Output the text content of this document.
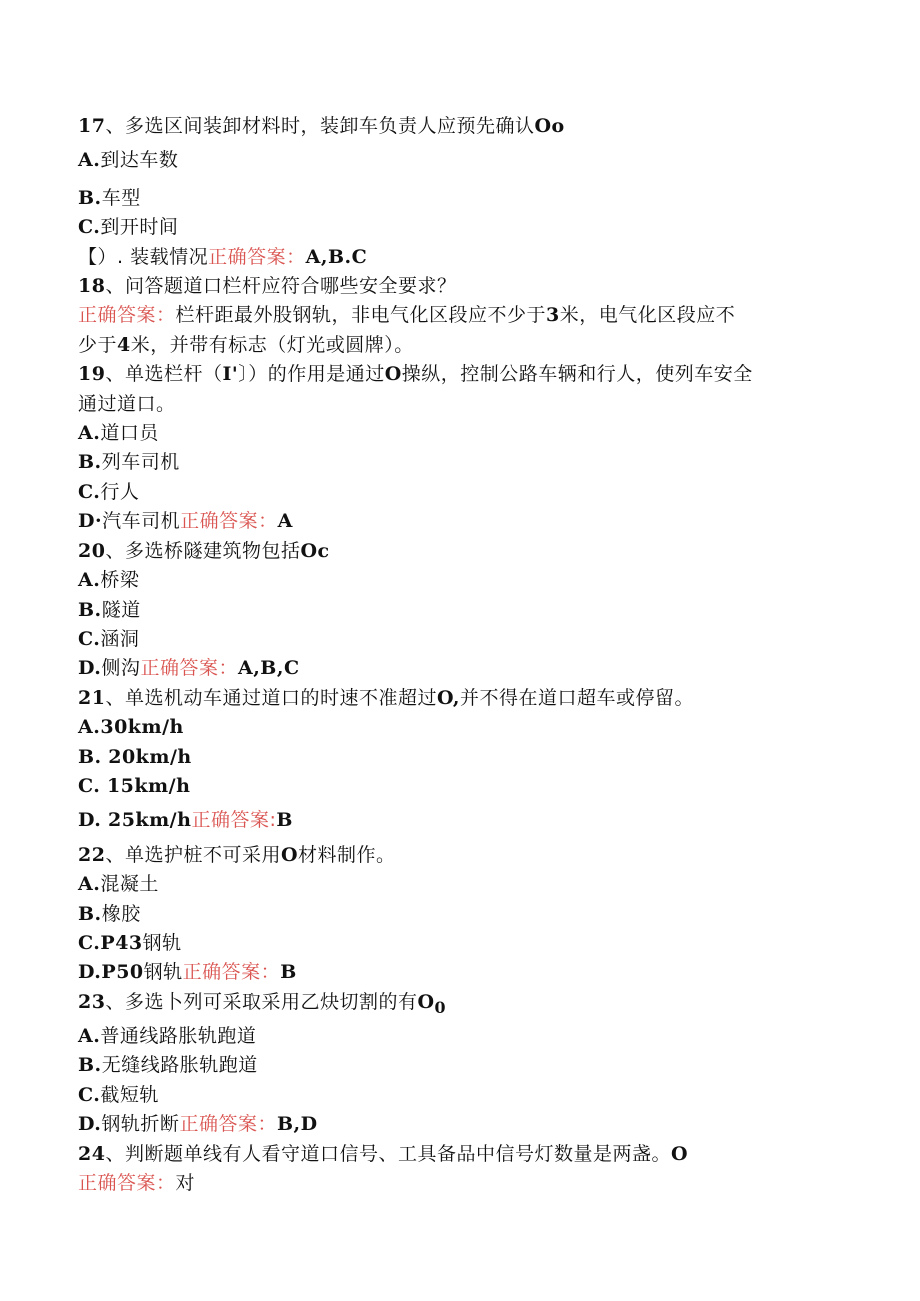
17、多选区间装卸材料时，装卸车负责人应预先确认Oo
A.到达车数
B.车型
C.到开时间
【）. 装载情况正确答案：A,B.C
18、问答题道口栏杆应符合哪些安全要求？
正确答案：栏杆距最外股钢轨，非电气化区段应不少于3米，电气化区段应不
少于4米，并带有标志（灯光或圆牌）。
19、单选栏杆（I'〕）的作用是通过O操纵，控制公路车辆和行人，使列车安全
通过道口。
A.道口员
B.列车司机
C.行人
D·汽车司机正确答案：A
20、多选桥隧建筑物包括Oc
A.桥梁
B.隧道
C.涵洞
D.侧沟正确答案：A,B,C
21、单选机动车通过道口的时速不准超过O,并不得在道口超车或停留。
A.30km/h
B. 20km/h
C. 15km/h
D. 25km/h正确答案:B
22、单选护桩不可采用O材料制作。
A.混凝土
B.橡胶
C.P43钢轨
D.P50钢轨正确答案：B
23、多选卜列可采取采用乙炔切割的有$O_0$
A.普通线路胀轨跑道
B.无缝线路胀轨跑道
C.截短轨
D.钢轨折断正确答案：B,D
24、判断题单线有人看守道口信号、工具备品中信号灯数量是两盏。O
正确答案：对
